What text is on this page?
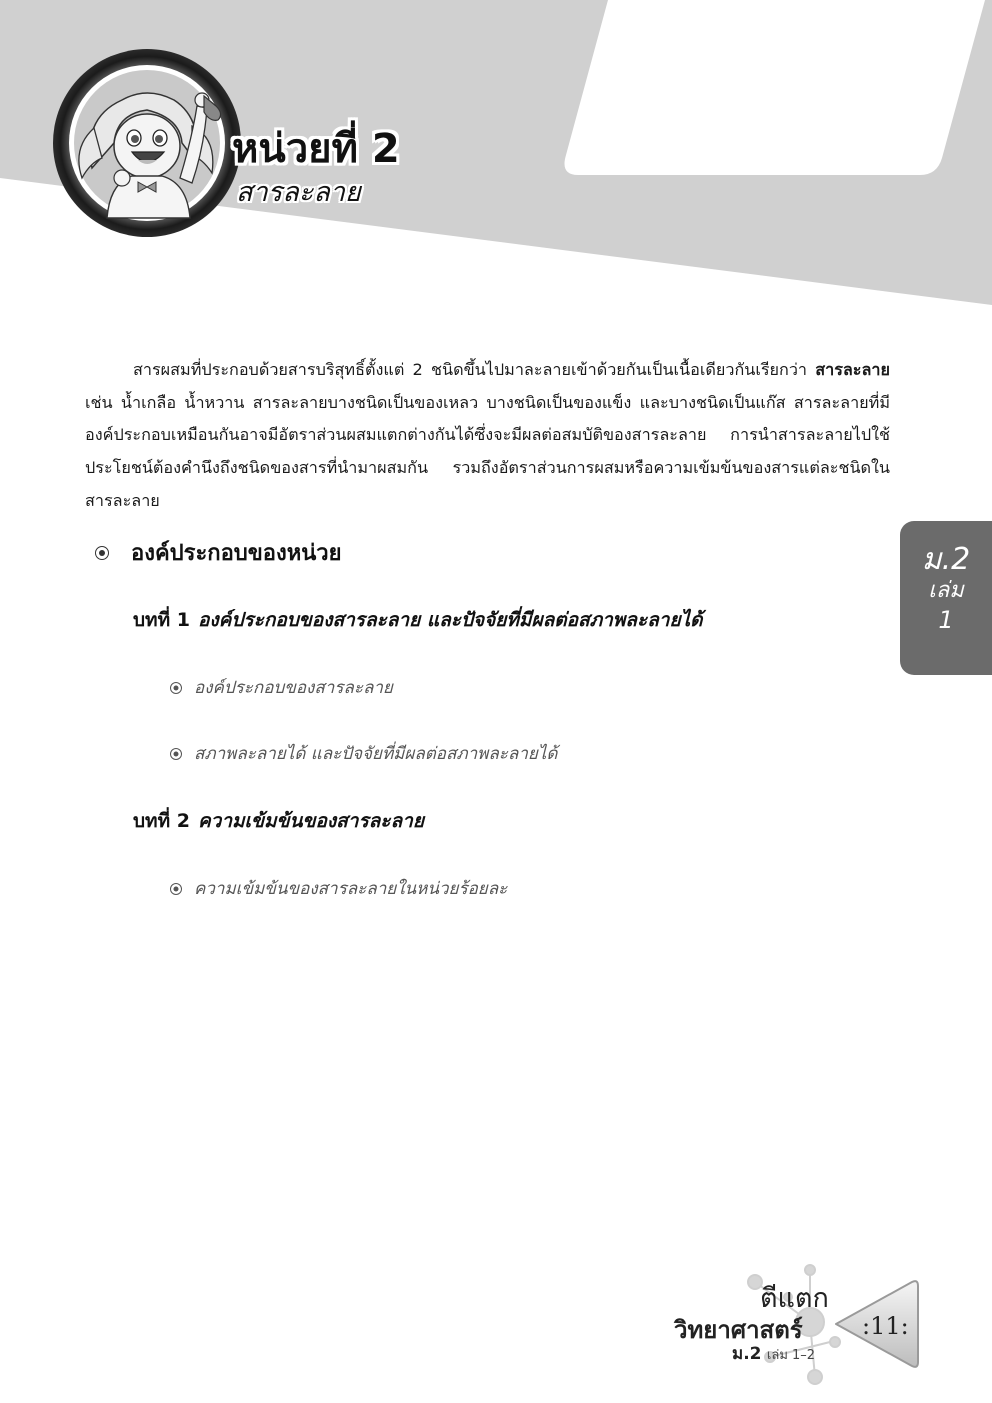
หน่วยที่ 2
สารละลาย

สารผสมที่ประกอบด้วยสารบริสุทธิ์ตั้งแต่ 2 ชนิดขึ้นไปมาละลายเข้าด้วยกันเป็นเนื้อเดียวกันเรียกว่า สารละลาย เช่น น้ำเกลือ น้ำหวาน สารละลายบางชนิดเป็นของเหลว บางชนิดเป็นของแข็ง และบางชนิดเป็นแก๊ส สารละลายที่มีองค์ประกอบเหมือนกันอาจมีอัตราส่วนผสมแตกต่างกันได้ซึ่งจะมีผลต่อสมบัติของสารละลาย การนำสารละลายไปใช้ประโยชน์ต้องคำนึงถึงชนิดของสารที่นำมาผสมกัน รวมถึงอัตราส่วนการผสมหรือความเข้มข้นของสารแต่ละชนิดในสารละลาย

องค์ประกอบของหน่วย
บทที่ 1 องค์ประกอบของสารละลาย และปัจจัยที่มีผลต่อสภาพละลายได้
องค์ประกอบของสารละลาย
สภาพละลายได้ และปัจจัยที่มีผลต่อสภาพละลายได้
บทที่ 2 ความเข้มข้นของสารละลาย
ความเข้มข้นของสารละลายในหน่วยร้อยละ
ม.2
เล่ม
1
ตีแตก
วิทยาศาสตร์
ม.2 เล่ม 1–2
:11:
